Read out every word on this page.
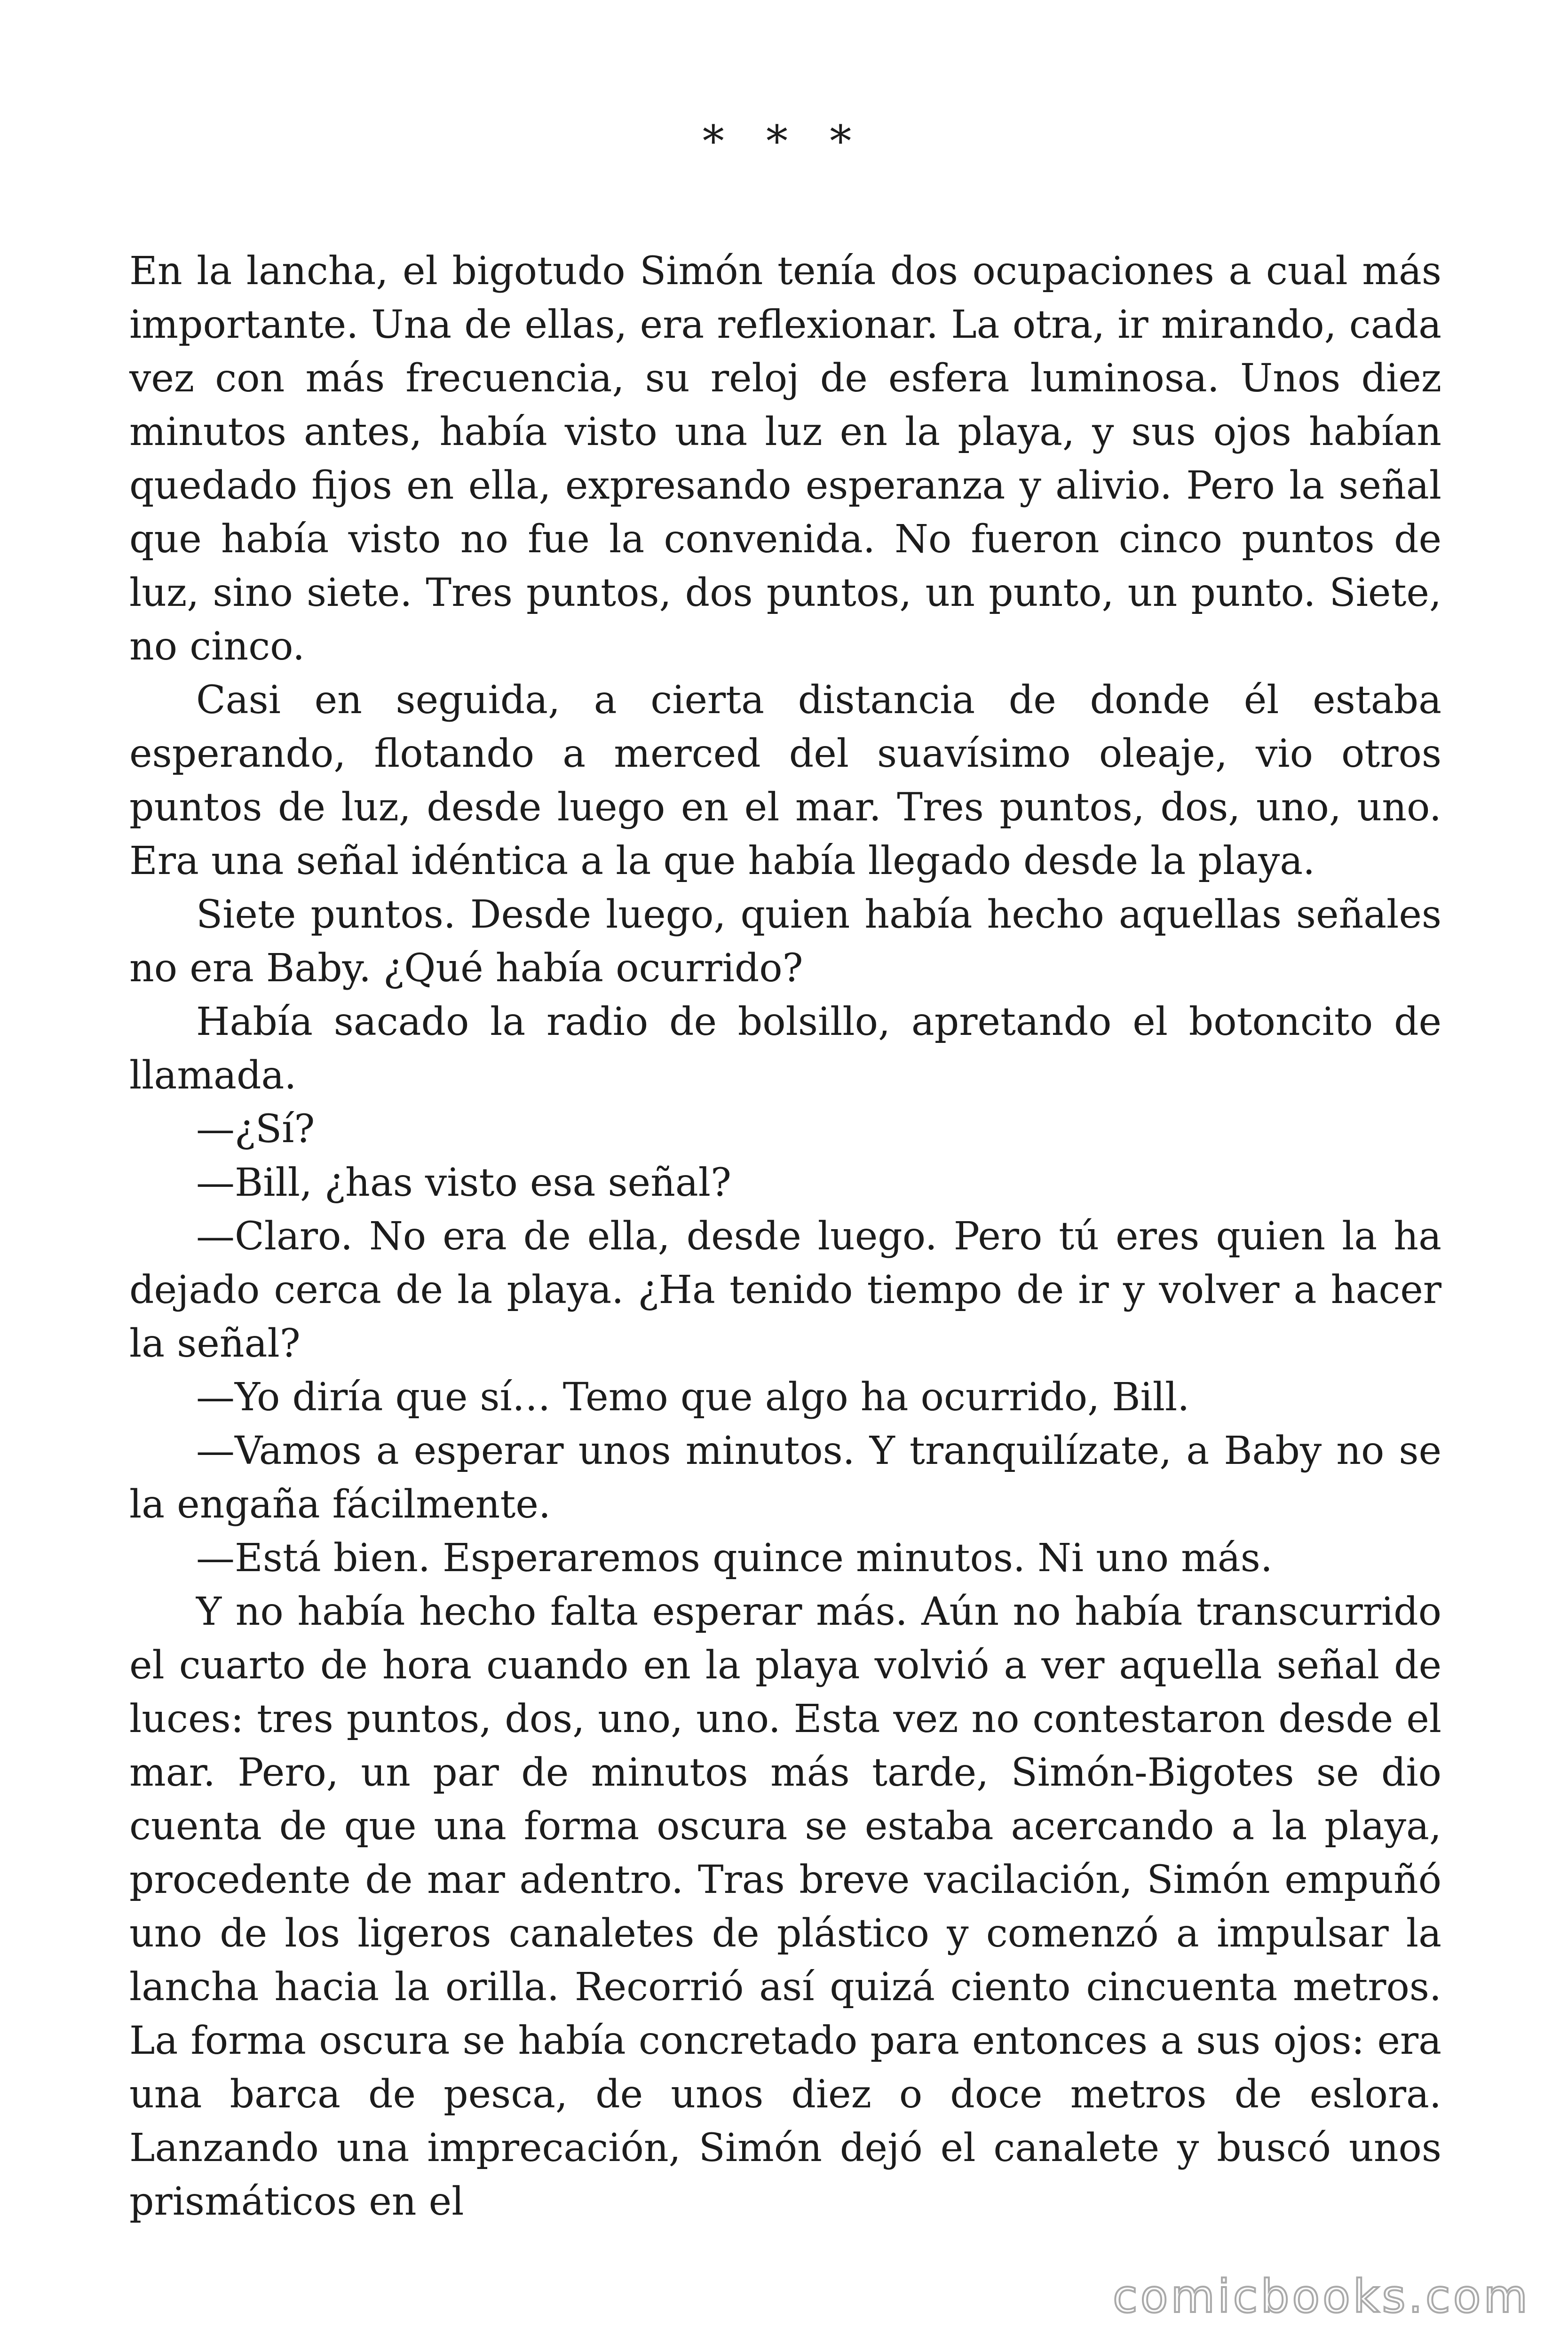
* * *

En la lancha, el bigotudo Simón tenía dos ocupaciones a cual más importante. Una de ellas, era reflexionar. La otra, ir mirando, cada vez con más frecuencia, su reloj de esfera luminosa. Unos diez minutos antes, había visto una luz en la playa, y sus ojos habían quedado fijos en ella, expresando esperanza y alivio. Pero la señal que había visto no fue la convenida. No fueron cinco puntos de luz, sino siete. Tres puntos, dos puntos, un punto, un punto. Siete, no cinco.

Casi en seguida, a cierta distancia de donde él estaba esperando, flotando a merced del suavísimo oleaje, vio otros puntos de luz, desde luego en el mar. Tres puntos, dos, uno, uno. Era una señal idéntica a la que había llegado desde la playa.

Siete puntos. Desde luego, quien había hecho aquellas señales no era Baby. ¿Qué había ocurrido?

Había sacado la radio de bolsillo, apretando el botoncito de llamada.

—¿Sí?

—Bill, ¿has visto esa señal?

—Claro. No era de ella, desde luego. Pero tú eres quien la ha dejado cerca de la playa. ¿Ha tenido tiempo de ir y volver a hacer la señal?

—Yo diría que sí… Temo que algo ha ocurrido, Bill.

—Vamos a esperar unos minutos. Y tranquilízate, a Baby no se la engaña fácilmente.

—Está bien. Esperaremos quince minutos. Ni uno más.

Y no había hecho falta esperar más. Aún no había transcurrido el cuarto de hora cuando en la playa volvió a ver aquella señal de luces: tres puntos, dos, uno, uno. Esta vez no contestaron desde el mar. Pero, un par de minutos más tarde, Simón-Bigotes se dio cuenta de que una forma oscura se estaba acercando a la playa, procedente de mar adentro. Tras breve vacilación, Simón empuñó uno de los ligeros canaletes de plástico y comenzó a impulsar la lancha hacia la orilla. Recorrió así quizá ciento cincuenta metros. La forma oscura se había concretado para entonces a sus ojos: era una barca de pesca, de unos diez o doce metros de eslora. Lanzando una imprecación, Simón dejó el canalete y buscó unos prismáticos en el

comicbooks.com
